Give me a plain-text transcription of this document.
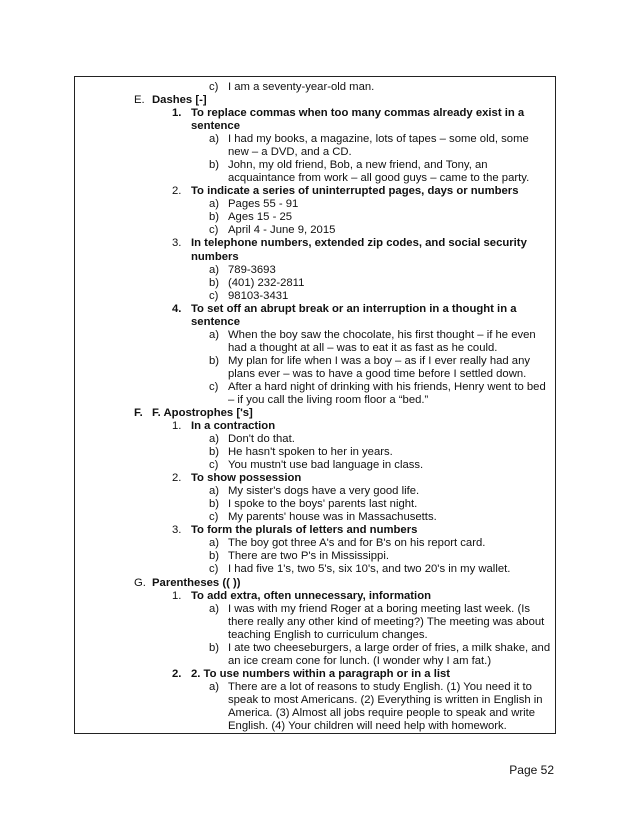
c) I am a seventy-year-old man.
E. Dashes [-]
1. To replace commas when too many commas already exist in a
sentence
a) I had my books, a magazine, lots of tapes – some old, some
new – a DVD, and a CD.
b) John, my old friend, Bob, a new friend, and Tony, an
acquaintance from work – all good guys – came to the party.
2. To indicate a series of uninterrupted pages, days or numbers
a) Pages 55 - 91
b) Ages 15 - 25
c) April 4 - June 9, 2015
3. In telephone numbers, extended zip codes, and social security
numbers
a) 789-3693
b) (401) 232-2811
c) 98103-3431
4. To set off an abrupt break or an interruption in a thought in a
sentence
a) When the boy saw the chocolate, his first thought – if he even
had a thought at all – was to eat it as fast as he could.
b) My plan for life when I was a boy – as if I ever really had any
plans ever – was to have a good time before I settled down.
c) After a hard night of drinking with his friends, Henry went to bed
– if you call the living room floor a “bed.”
F. F. Apostrophes ['s]
1. In a contraction
a) Don't do that.
b) He hasn't spoken to her in years.
c) You mustn't use bad language in class.
2. To show possession
a) My sister's dogs have a very good life.
b) I spoke to the boys' parents last night.
c) My parents' house was in Massachusetts.
3. To form the plurals of letters and numbers
a) The boy got three A's and for B's on his report card.
b) There are two P's in Mississippi.
c) I had five 1's, two 5's, six 10's, and two 20's in my wallet.
G. Parentheses (( ))
1. To add extra, often unnecessary, information
a) I was with my friend Roger at a boring meeting last week. (Is
there really any other kind of meeting?) The meeting was about
teaching English to curriculum changes.
b) I ate two cheeseburgers, a large order of fries, a milk shake, and
an ice cream cone for lunch. (I wonder why I am fat.)
2. 2. To use numbers within a paragraph or in a list
a) There are a lot of reasons to study English. (1) You need it to
speak to most Americans. (2) Everything is written in English in
America. (3) Almost all jobs require people to speak and write
English. (4) Your children will need help with homework.
Page 52
